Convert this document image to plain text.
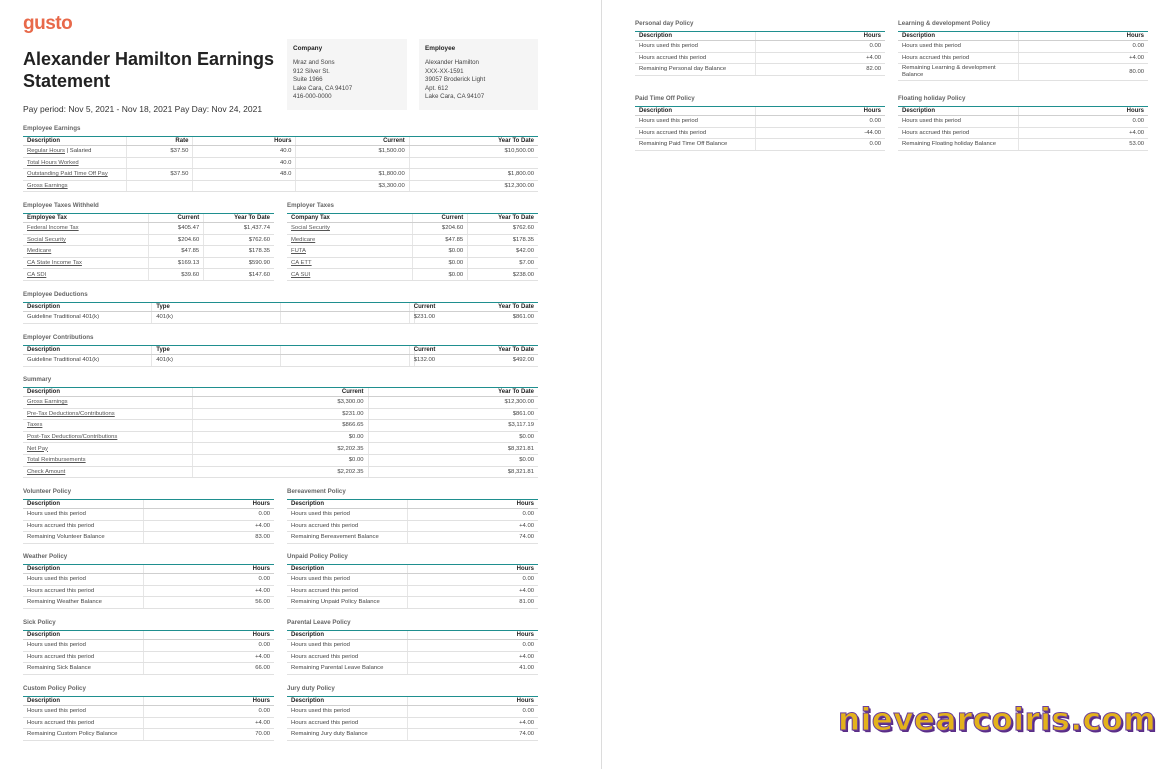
gusto
Alexander Hamilton Earnings Statement
Pay period: Nov 5, 2021 - Nov 18, 2021 Pay Day: Nov 24, 2021
Company
Mraz and Sons
912 Silver St.
Suite 1966
Lake Cara, CA 94107
416-000-0000
Employee
Alexander Hamilton
XXX-XX-1591
39057 Broderick Light
Apt. 612
Lake Cara, CA 94107
Employee Earnings
Description	Rate	Hours	Current	Year To Date
Regular Hours | Salaried	$37.50	40.0	$1,500.00	$10,500.00
Total Hours Worked		40.0		
Outstanding Paid Time Off Pay	$37.50	48.0	$1,800.00	$1,800.00
Gross Earnings			$3,300.00	$12,300.00
Employee Taxes Withheld
Employee Tax	Current	Year To Date
Federal Income Tax	$405.47	$1,437.74
Social Security	$204.60	$762.60
Medicare	$47.85	$178.35
CA State Income Tax	$169.13	$590.90
CA SDI	$39.60	$147.60
Employer Taxes
Company Tax	Current	Year To Date
Social Security	$204.60	$762.60
Medicare	$47.85	$178.35
FUTA	$0.00	$42.00
CA ETT	$0.00	$7.00
CA SUI	$0.00	$238.00
Employee Deductions
Description	Type		Current	Year To Date
Guideline Traditional 401(k)	401(k)		$231.00	$861.00
Employer Contributions
Description	Type		Current	Year To Date
Guideline Traditional 401(k)	401(k)		$132.00	$492.00
Summary
Description	Current	Year To Date
Gross Earnings	$3,300.00	$12,300.00
Pre-Tax Deductions/Contributions	$231.00	$861.00
Taxes	$866.65	$3,117.19
Post-Tax Deductions/Contributions	$0.00	$0.00
Net Pay	$2,202.35	$8,321.81
Total Reimbursements	$0.00	$0.00
Check Amount	$2,202.35	$8,321.81
Volunteer Policy
Description	Hours
Hours used this period	0.00
Hours accrued this period	+4.00
Remaining Volunteer Balance	83.00
Bereavement Policy
Description	Hours
Hours used this period	0.00
Hours accrued this period	+4.00
Remaining Bereavement Balance	74.00
Weather Policy
Description	Hours
Hours used this period	0.00
Hours accrued this period	+4.00
Remaining Weather Balance	56.00
Unpaid Policy Policy
Description	Hours
Hours used this period	0.00
Hours accrued this period	+4.00
Remaining Unpaid Policy Balance	81.00
Sick Policy
Description	Hours
Hours used this period	0.00
Hours accrued this period	+4.00
Remaining Sick Balance	66.00
Parental Leave Policy
Description	Hours
Hours used this period	0.00
Hours accrued this period	+4.00
Remaining Parental Leave Balance	41.00
Custom Policy Policy
Description	Hours
Hours used this period	0.00
Hours accrued this period	+4.00
Remaining Custom Policy Balance	70.00
Jury duty Policy
Description	Hours
Hours used this period	0.00
Hours accrued this period	+4.00
Remaining Jury duty Balance	74.00
Personal day Policy
Description	Hours
Hours used this period	0.00
Hours accrued this period	+4.00
Remaining Personal day Balance	82.00
Learning & development Policy
Description	Hours
Hours used this period	0.00
Hours accrued this period	+4.00
Remaining Learning & development Balance	80.00
Paid Time Off Policy
Description	Hours
Hours used this period	0.00
Hours accrued this period	-44.00
Remaining Paid Time Off Balance	0.00
Floating holiday Policy
Description	Hours
Hours used this period	0.00
Hours accrued this period	+4.00
Remaining Floating holiday Balance	53.00
nievearcoiris.com
